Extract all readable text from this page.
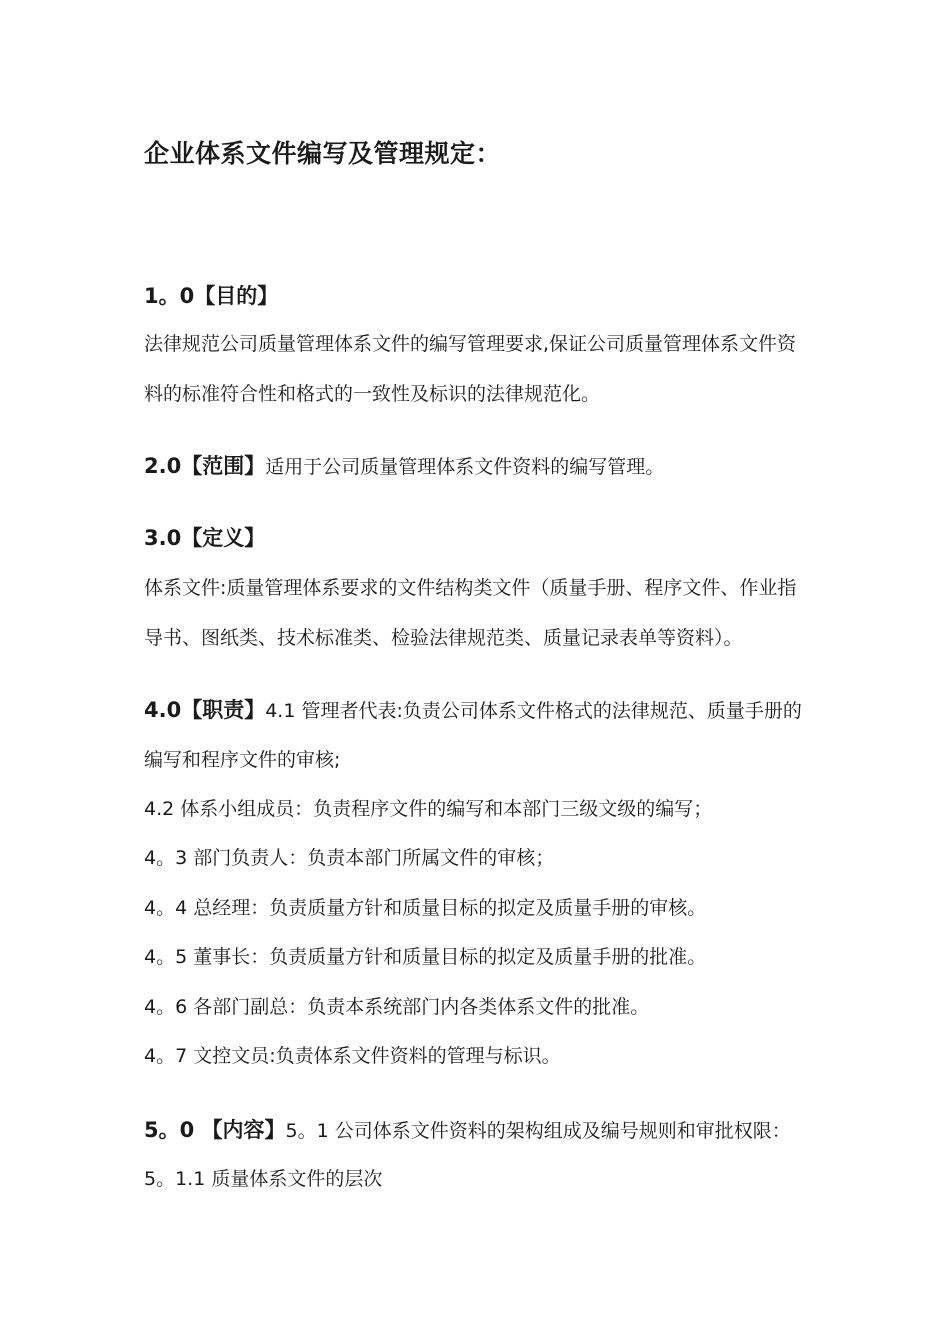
企业体系文件编写及管理规定：

1。0【目的】

法律规范公司质量管理体系文件的编写管理要求,保证公司质量管理体系文件资

料的标准符合性和格式的一致性及标识的法律规范化。

2.0【范围】适用于公司质量管理体系文件资料的编写管理。

3.0【定义】

体系文件:质量管理体系要求的文件结构类文件（质量手册、程序文件、作业指

导书、图纸类、技术标准类、检验法律规范类、质量记录表单等资料）。

4.0【职责】4.1 管理者代表:负责公司体系文件格式的法律规范、质量手册的

编写和程序文件的审核;

4.2 体系小组成员：负责程序文件的编写和本部门三级文级的编写；

4。3 部门负责人：负责本部门所属文件的审核；

4。4 总经理：负责质量方针和质量目标的拟定及质量手册的审核。

4。5 董事长：负责质量方针和质量目标的拟定及质量手册的批准。

4。6 各部门副总：负责本系统部门内各类体系文件的批准。

4。7 文控文员:负责体系文件资料的管理与标识。

5。0 【内容】5。1 公司体系文件资料的架构组成及编号规则和审批权限：

5。1.1 质量体系文件的层次
